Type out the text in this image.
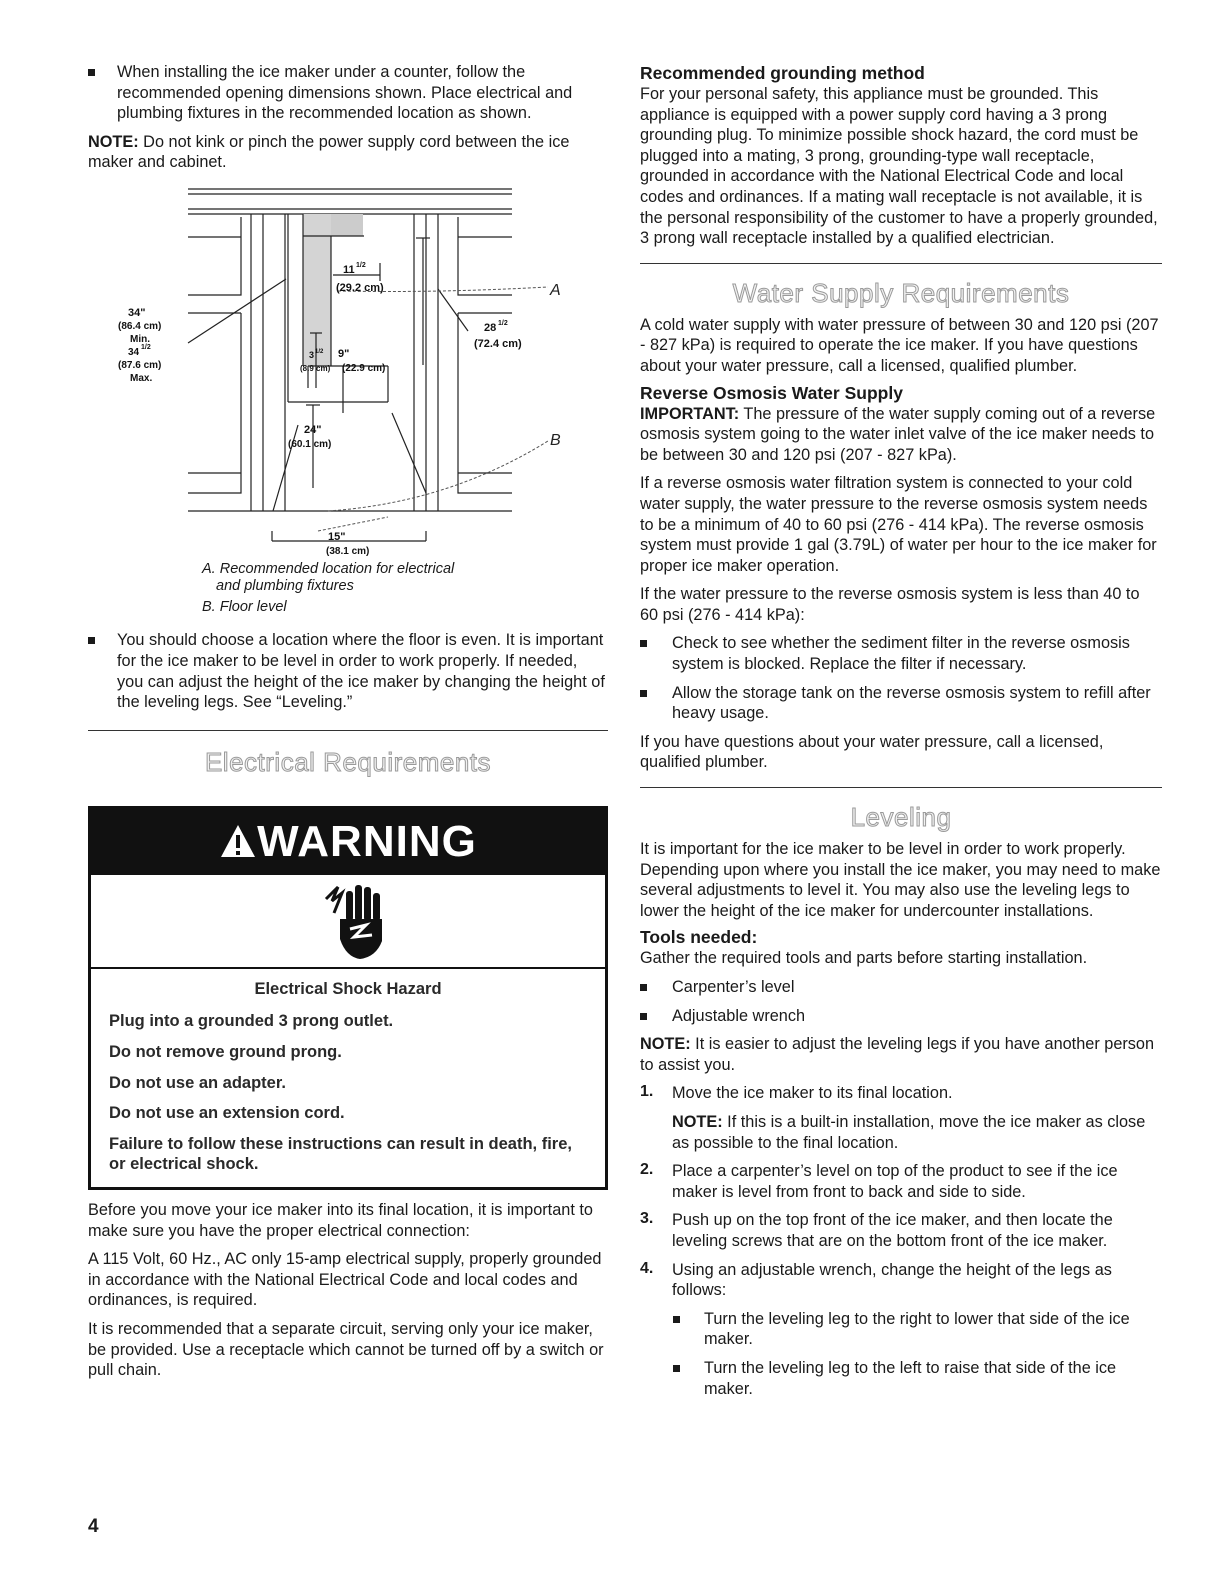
When installing the ice maker under a counter, follow the recommended opening dimensions shown. Place electrical and plumbing fixtures in the recommended location as shown.

NOTE: Do not kink or pinch the power supply cord between the ice maker and cabinet.

34"
(86.4 cm)
Min.
34 1/2
(87.6 cm)
Max.
11 1/2
(29.2 cm)
28 1/2
(72.4 cm)
3 1/2
(8.9 cm)
9"
(22.9 cm)
24"
(60.1 cm)
15"
(38.1 cm)
A
B
A. Recommended location for electrical
and plumbing fixtures
B. Floor level

You should choose a location where the floor is even. It is important for the ice maker to be level in order to work properly. If needed, you can adjust the height of the ice maker by changing the height of the leveling legs. See “Leveling.”

Electrical Requirements
WARNING

Electrical Shock Hazard

Plug into a grounded 3 prong outlet.

Do not remove ground prong.

Do not use an adapter.

Do not use an extension cord.

Failure to follow these instructions can result in death, fire, or electrical shock.

Before you move your ice maker into its final location, it is important to make sure you have the proper electrical connection:

A 115 Volt, 60 Hz., AC only 15-amp electrical supply, properly grounded in accordance with the National Electrical Code and local codes and ordinances, is required.

It is recommended that a separate circuit, serving only your ice maker, be provided. Use a receptacle which cannot be turned off by a switch or pull chain.

Recommended grounding method

For your personal safety, this appliance must be grounded. This appliance is equipped with a power supply cord having a 3 prong grounding plug. To minimize possible shock hazard, the cord must be plugged into a mating, 3 prong, grounding-type wall receptacle, grounded in accordance with the National Electrical Code and local codes and ordinances. If a mating wall receptacle is not available, it is the personal responsibility of the customer to have a properly grounded, 3 prong wall receptacle installed by a qualified electrician.

Water Supply Requirements

A cold water supply with water pressure of between 30 and 120 psi (207 - 827 kPa) is required to operate the ice maker. If you have questions about your water pressure, call a licensed, qualified plumber.

Reverse Osmosis Water Supply

IMPORTANT: The pressure of the water supply coming out of a reverse osmosis system going to the water inlet valve of the ice maker needs to be between 30 and 120 psi (207 - 827 kPa).

If a reverse osmosis water filtration system is connected to your cold water supply, the water pressure to the reverse osmosis system needs to be a minimum of 40 to 60 psi (276 - 414 kPa). The reverse osmosis system must provide 1 gal (3.79L) of water per hour to the ice maker for proper ice maker operation.

If the water pressure to the reverse osmosis system is less than 40 to 60 psi (276 - 414 kPa):

Check to see whether the sediment filter in the reverse osmosis system is blocked. Replace the filter if necessary.

Allow the storage tank on the reverse osmosis system to refill after heavy usage.

If you have questions about your water pressure, call a licensed, qualified plumber.

Leveling

It is important for the ice maker to be level in order to work properly. Depending upon where you install the ice maker, you may need to make several adjustments to level it. You may also use the leveling legs to lower the height of the ice maker for undercounter installations.

Tools needed:

Gather the required tools and parts before starting installation.

Carpenter’s level

Adjustable wrench

NOTE: It is easier to adjust the leveling legs if you have another person to assist you.

1. Move the ice maker to its final location.

NOTE: If this is a built-in installation, move the ice maker as close as possible to the final location.

2. Place a carpenter’s level on top of the product to see if the ice maker is level from front to back and side to side.

3. Push up on the top front of the ice maker, and then locate the leveling screws that are on the bottom front of the ice maker.

4. Using an adjustable wrench, change the height of the legs as follows:

Turn the leveling leg to the right to lower that side of the ice maker.

Turn the leveling leg to the left to raise that side of the ice maker.

4
